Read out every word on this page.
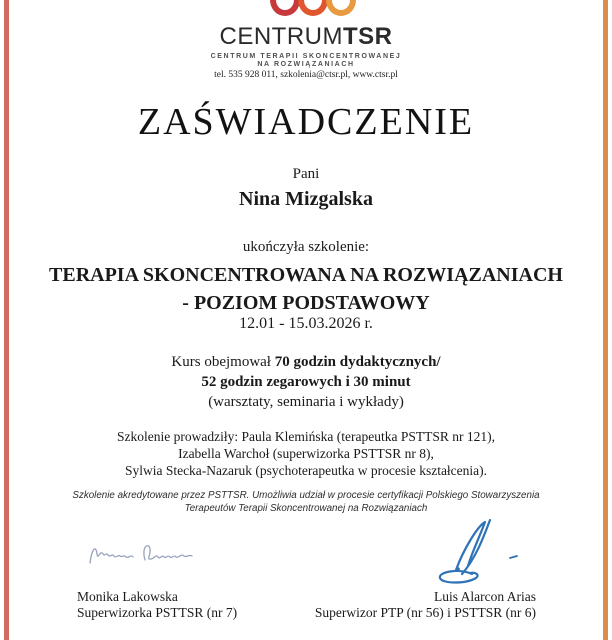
CENTRUMTSR
CENTRUM TERAPII SKONCENTROWANEJ
NA ROZWIĄZANIACH
tel. 535 928 011, szkolenia@ctsr.pl, www.ctsr.pl
ZAŚWIADCZENIE
Pani
Nina Mizgalska
ukończyła szkolenie:
TERAPIA SKONCENTROWANA NA ROZWIĄZANIACH
- POZIOM PODSTAWOWY
12.01 - 15.03.2026 r.
Kurs obejmował 70 godzin dydaktycznych/
52 godzin zegarowych i 30 minut
(warsztaty, seminaria i wykłady)
Szkolenie prowadziły: Paula Klemińska (terapeutka PSTTSR nr 121),
Izabella Warchoł (superwizorka PSTTSR nr 8),
Sylwia Stecka-Nazaruk (psychoterapeutka w procesie kształcenia).
Szkolenie akredytowane przez PSTTSR. Umożliwia udział w procesie certyfikacji Polskiego Stowarzyszenia
Terapeutów Terapii Skoncentrowanej na Rozwiązaniach
Monika Lakowska
Superwizorka PSTTSR (nr 7)
Luis Alarcon Arias
Superwizor PTP (nr 56) i PSTTSR (nr 6)
